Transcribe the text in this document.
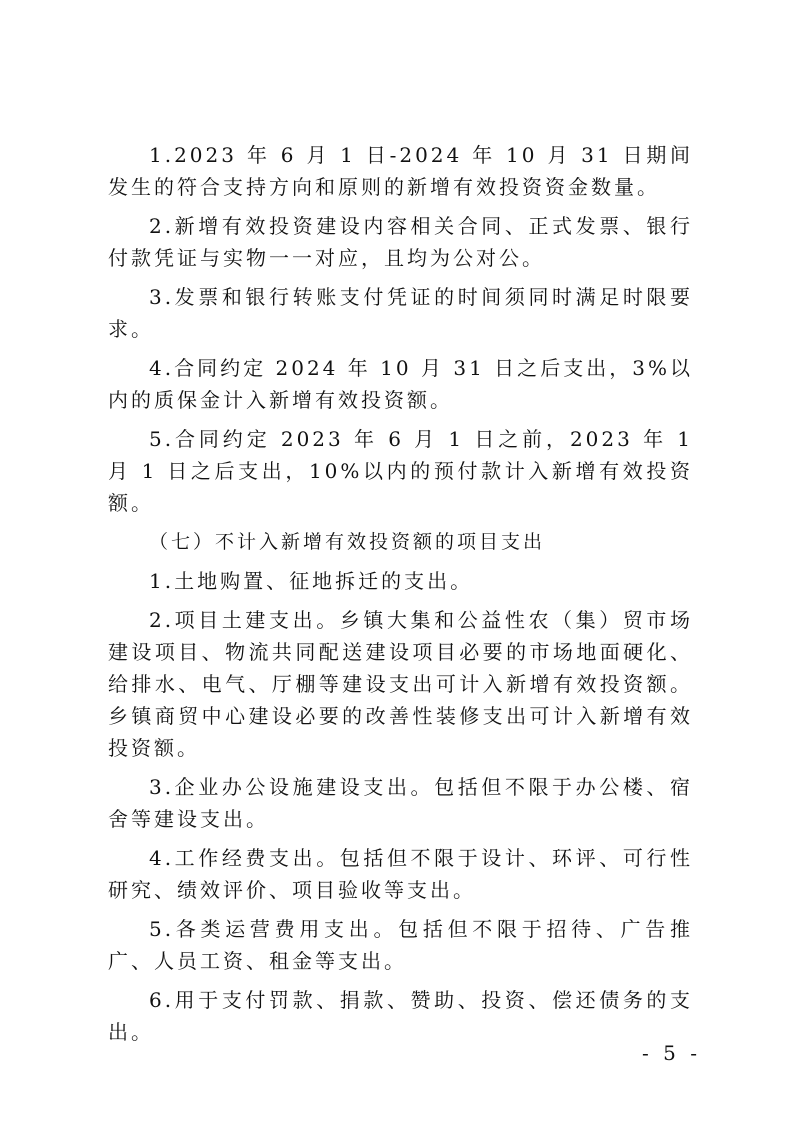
1.2023 年 6 月 1 日-2024 年 10 月 31 日期间发生的符合支持方向和原则的新增有效投资资金数量。

2.新增有效投资建设内容相关合同、正式发票、银行付款凭证与实物一一对应，且均为公对公。

3.发票和银行转账支付凭证的时间须同时满足时限要求。

4.合同约定 2024 年 10 月 31 日之后支出，3%以内的质保金计入新增有效投资额。

5.合同约定 2023 年 6 月 1 日之前，2023 年 1 月 1 日之后支出，10%以内的预付款计入新增有效投资额。

（七）不计入新增有效投资额的项目支出

1.土地购置、征地拆迁的支出。

2.项目土建支出。乡镇大集和公益性农（集）贸市场建设项目、物流共同配送建设项目必要的市场地面硬化、给排水、电气、厅棚等建设支出可计入新增有效投资额。乡镇商贸中心建设必要的改善性装修支出可计入新增有效投资额。

3.企业办公设施建设支出。包括但不限于办公楼、宿舍等建设支出。

4.工作经费支出。包括但不限于设计、环评、可行性研究、绩效评价、项目验收等支出。

5.各类运营费用支出。包括但不限于招待、广告推广、人员工资、租金等支出。

6.用于支付罚款、捐款、赞助、投资、偿还债务的支出。

- 5 -
